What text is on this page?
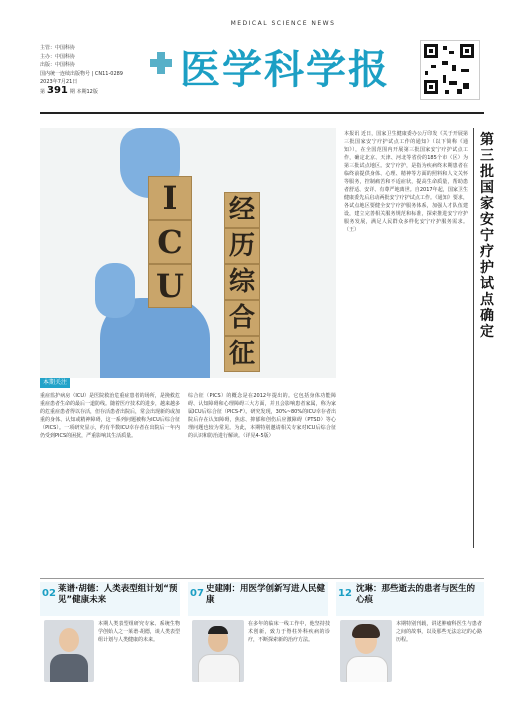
主管：中国科协
主办：中国科协
出版：中国科协
国内统一连续出版物号 | CN11-0289
2023年7月21日
第 391 期 本期12版
MEDICAL SCIENCE NEWS
医学科学报
I
C
U
经
历
综
合
征
本期关注
本报讯 近日，国家卫生健康委办公厅印发《关于开展第三批国家安宁疗护试点工作的通知》（以下简称《通知》），在全国范围内开展第三批国家安宁疗护试点工作，确定北京、天津、河北等省份的185个市（区）为第三批试点地区。安宁疗护，是指为疾病终末期患者在临终前提供身体、心理、精神等方面的照料和人文关怀等服务，控制痛苦和不适症状，提高生命质量，帮助患者舒适、安详、有尊严地离世。自2017年起，国家卫生健康委先后启动两批安宁疗护试点工作。《通知》要求，各试点地区要健全安宁疗护服务体系，加强人才队伍建设，建立完善相关服务规范和标准，探索推进安宁疗护服务发展，满足人民群众多样化安宁疗护服务需求。（王）
第三批国家安宁疗护试点确定
重症监护病房（ICU）是医院救治危重症患者的场所，是挽救危重症患者生命的最后一道防线。随着医疗技术的进步，越来越多的危重症患者得以存活，但存活患者出院后，常会出现新的或加重的身体、认知或精神障碍，这一系列问题被称为ICU后综合征（PICS）。一项研究显示，约有半数ICU幸存者在出院后一年内仍受到PICS的困扰，严重影响其生活质量。
综合征（PICS）的概念是在2012年提出的。它包括身体功能障碍、认知障碍和心理障碍三大方面，并且会影响患者家属，称为家属ICU后综合征（PICS-F）。研究发现，30%~80%的ICU幸存者出院后存在认知障碍，焦虑、抑郁和创伤后应激障碍（PTSD）等心理问题也较为常见。为此，本期特别邀请相关专家对ICU后综合征的认识和防治进行解读。（详见4-5版）
02 莱谱·胡德：人类表型组计划“预见”健康未来
本期人类表型组研究专家、系统生物学创始人之一莱谱·胡德，谈人类表型组计划与人类健康的未来。
07 史建刚：用医学创新写进人民健康
在多年的临床一线工作中，他坚持技术创新，致力于脊柱外科疾病的诊疗，不断探索新的治疗方法。
12 沈琳：那些逝去的患者与医生的心痕
本期特别刊载，讲述肿瘤科医生与患者之间的故事，以及那些无法忘记的心路历程。
